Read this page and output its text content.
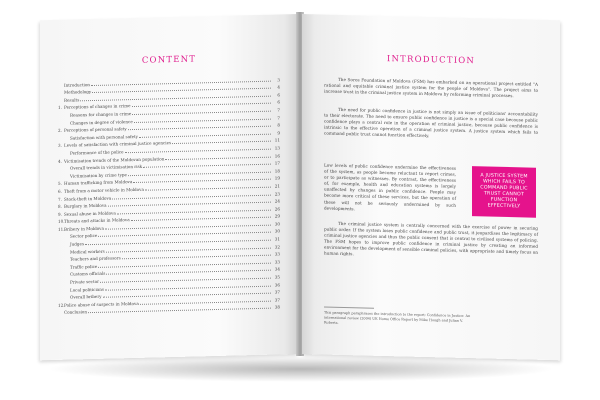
CONTENT
Introduction
3
Methodology
4
Results
6
1. Perceptions of changes in crime
6
Reasons for changes in crime
7
Changes in degree of violence
7
2. Perceptions of personal safety
8
Satisfaction with personal safety
9
3. Levels of satisfaction with criminal justice agencies
11
Performance of the police
13
4. Victimisation trends of the Moldovan population
16
Overall trends in victimisation risk
17
Victimisation by crime type
18
5. Human trafficking from Moldova
19
6. Theft from a motor vehicle in Moldova
21
7. Stock-theft in Moldova
23
8. Burglary in Moldova
24
9. Sexual abuse in Moldova
26
10. Threats and attacks in Moldova
29
11. Bribery in Moldova
30
Sector police
30
Judges
31
Medical workers
32
Teachers and professors
33
Traffic police
33
Customs officials
34
Private sector
35
Local politicians
36
Overall bribery
37
12. Police abuse of suspects in Moldova
37
Conclusion
38
INTRODUCTION
The Soros Foundation of Moldova (FSM) has embarked on an operational project entitled "A rational and equitable criminal justice system for the people of Moldova". The project aims to increase trust in the criminal justice system in Moldova by reforming criminal processes.
The need for public confidence in justice is not simply an issue of politicians' accountability to their electorate. The need to ensure public confidence in justice is a special case because public confidence plays a central role in the operation of criminal justice, because public confidence is intrinsic to the effective operation of a criminal justice system. A justice system which fails to command public trust cannot function effectively.
Low levels of public confidence undermine the effectiveness of the system, as people become reluctant to report crimes, or to participate as witnesses. By contrast, the effectiveness of, for example, health and education systems is largely unaffected by changes in public confidence. People may become more critical of these services, but the operation of these will not be seriously undermined by such developments.
A JUSTICE SYSTEM WHICH FAILS TO COMMAND PUBLIC TRUST CANNOT FUNCTION EFFECTIVELY
The criminal justice system is centrally concerned with the exercise of power in securing public order. If the system loses public confidence and public trust, it jeopardises the legitimacy of criminal justice agencies and thus the public consent that is central to civilised systems of policing. The FSM hopes to improve public confidence in criminal justice by creating an informed environment for the development of sensible criminal policies, with appropriate and timely focus on human rights.
This paragraph paraphrases the introduction to the report: Confidence in Justice: An international review (2004) UK Home Office Report by Mike Hough and Julian V. Roberts.
